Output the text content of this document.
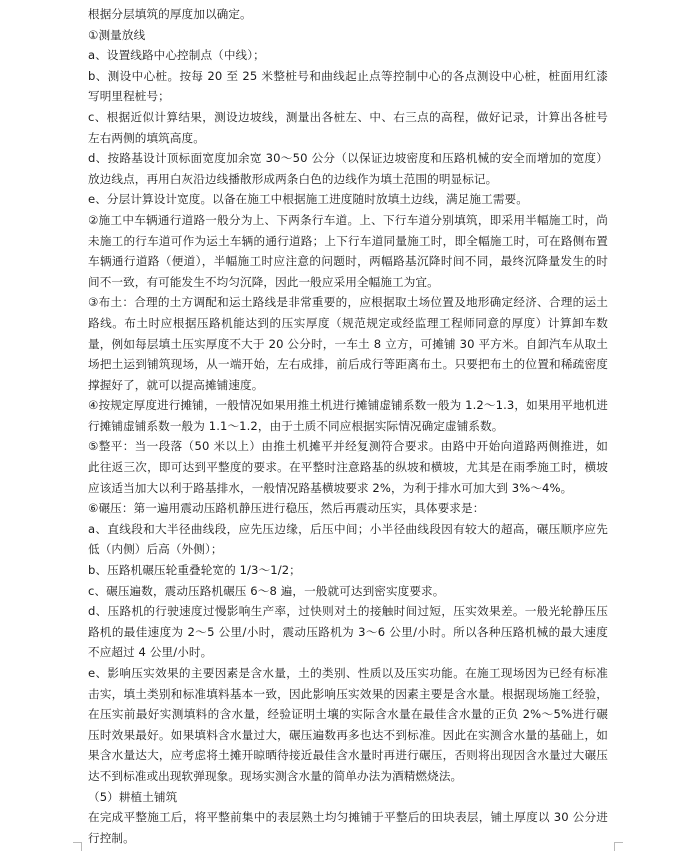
根据分层填筑的厚度加以确定。

①测量放线

a、设置线路中心控制点（中线）；

b、测设中心桩。按每 20 至 25 米整桩号和曲线起止点等控制中心的各点测设中心桩，桩面用红漆写明里程桩号；

c、根据近似计算结果，测设边坡线，测量出各桩左、中、右三点的高程，做好记录，计算出各桩号左右两侧的填筑高度。

d、按路基设计顶标面宽度加余宽 30～50 公分（以保证边坡密度和压路机械的安全而增加的宽度）放边线点，再用白灰沿边线播散形成两条白色的边线作为填土范围的明显标记。

e、分层计算设计宽度。以备在施工中根据施工进度随时放填土边线，满足施工需要。

②施工中车辆通行道路一般分为上、下两条行车道。上、下行车道分别填筑，即采用半幅施工时，尚未施工的行车道可作为运土车辆的通行道路；上下行车道同量施工时，即全幅施工时，可在路侧布置车辆通行道路（便道），半幅施工时应注意的问题时，两幅路基沉降时间不同，最终沉降量发生的时间不一致，有可能发生不均匀沉降，因此一般应采用全幅施工为宜。

③布土：合理的土方调配和运土路线是非常重要的，应根据取土场位置及地形确定经济、合理的运土路线。布土时应根据压路机能达到的压实厚度（规范规定或经监理工程师同意的厚度）计算卸车数量，例如每层填土压实厚度不大于 20 公分时，一车土 8 立方，可摊铺 30 平方米。自卸汽车从取土场把土运到铺筑现场，从一端开始，左右成排，前后成行等距离布土。只要把布土的位置和稀疏密度撑握好了，就可以提高摊铺速度。

④按规定厚度进行摊铺，一般情况如果用推土机进行摊铺虚铺系数一般为 1.2～1.3，如果用平地机进行摊铺虚铺系数一般为 1.1～1.2，由于土质不同应根据实际情况确定虚铺系数。

⑤整平：当一段落（50 米以上）由推土机摊平并经复测符合要求。由路中开始向道路两侧推进，如此往返三次，即可达到平整度的要求。在平整时注意路基的纵坡和横坡，尤其是在雨季施工时，横坡应该适当加大以利于路基排水，一般情况路基横坡要求 2%，为利于排水可加大到 3%～4%。

⑥碾压：第一遍用震动压路机静压进行稳压，然后再震动压实，具体要求是：

a、直线段和大半径曲线段，应先压边缘，后压中间；小半径曲线段因有较大的超高，碾压顺序应先低（内侧）后高（外侧）；

b、压路机碾压轮重叠轮宽的 1/3～1/2；

c、碾压遍数，震动压路机碾压 6～8 遍，一般就可达到密实度要求。

d、压路机的行驶速度过慢影响生产率，过快则对土的接触时间过短，压实效果差。一般光轮静压压路机的最佳速度为 2～5 公里/小时，震动压路机为 3～6 公里/小时。所以各种压路机械的最大速度不应超过 4 公里/小时。

e、影响压实效果的主要因素是含水量，土的类别、性质以及压实功能。在施工现场因为已经有标准击实，填土类别和标准填料基本一致，因此影响压实效果的因素主要是含水量。根据现场施工经验，在压实前最好实测填料的含水量，经验证明土壤的实际含水量在最佳含水量的正负 2%～5%进行碾压时效果最好。如果填料含水量过大，碾压遍数再多也达不到标准。因此在实测含水量的基础上，如果含水量达大，应考虑将土摊开晾晒待接近最佳含水量时再进行碾压，否则将出现因含水量过大碾压达不到标准或出现软弹现象。现场实测含水量的简单办法为酒精燃烧法。

（5）耕植土铺筑

在完成平整施工后，将平整前集中的表层熟土均匀摊铺于平整后的田块表层，铺土厚度以 30 公分进行控制。
